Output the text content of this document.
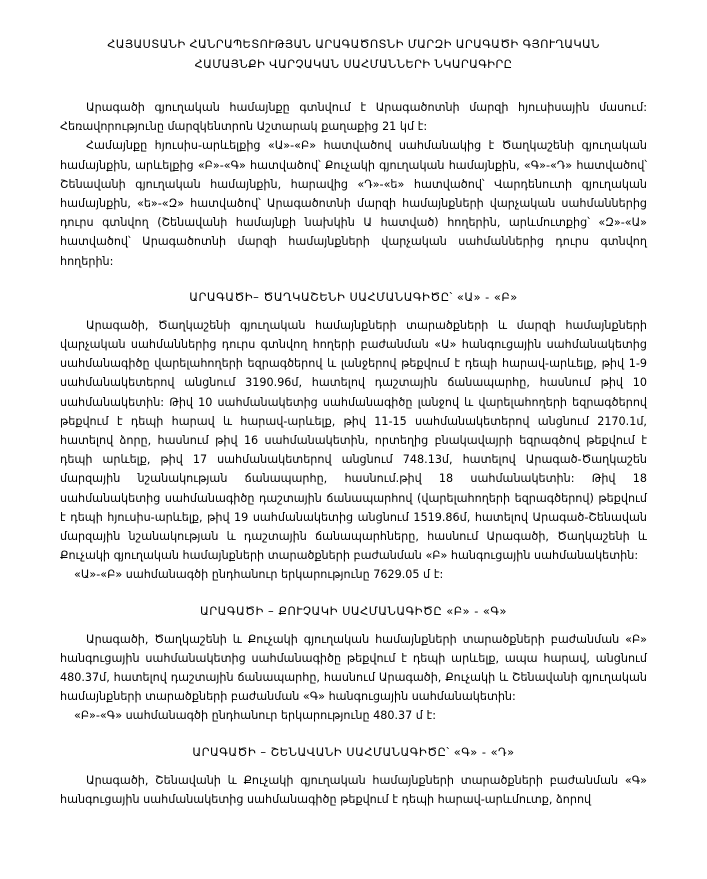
ՀԱՅԱՍՏԱՆԻ ՀԱՆՐԱՊԵՏՈՒԹՅԱՆ ԱՐԱԳԱԾՈՏՆԻ ՄԱՐԶԻ ԱՐԱԳԱԾԻ ԳՅՈՒՂԱԿԱՆ
ՀԱՄԱՅՆՔԻ ՎԱՐՉԱԿԱՆ ՍԱՀՄԱՆՆԵՐԻ ՆԿԱՐԱԳԻՐԸ

Արագածի գյուղական համայնքը գտնվում է Արագածոտնի մարզի հյուսիսային մասում: Հեռավորությունը մարզկենտրոն Աշտարակ քաղաքից 21 կմ է:

Համայնքը հյուսիս-արևելքից «Ա»-«Բ» հատվածով սահմանակից է Ծաղկաշենի գյուղական համայնքին, արևելքից «Բ»-«Գ» հատվածով՝ Քուչակի գյուղական համայնքին, «Գ»-«Դ» հատվածով՝ Շենավանի գյուղական համայնքին, հարավից «Դ»-«ե» հատվածով՝ Վարդենուտի գյուղական համայնքին, «ե»-«Զ» հատվածով՝ Արագածոտնի մարզի համայնքների վարչական սահմաններից դուրս գտնվող (Շենավանի համայնքի նախկին Ա հատված) հողերին, արևմուտքից՝ «Զ»-«Ա» հատվածով՝ Արագածոտնի մարզի համայնքների վարչական սահմաններից դուրս գտնվող հողերին:

ԱՐԱԳԱԾԻ– ԾԱՂԿԱՇԵՆԻ ՍԱՀՄԱՆԱԳԻԾԸ՝ «Ա» - «Բ»

Արագածի, Ծաղկաշենի գյուղական համայնքների տարածքների և մարզի համայնքների վարչական սահմաններից դուրս գտնվող հողերի բաժանման «Ա» հանգուցային սահմանակետից սահմանագիծը վարելահողերի եզրագծերով և լանջերով թեքվում է դեպի հարավ-արևելք, թիվ 1-9 սահմանակետերով անցնում 3190.96մ, հատելով դաշտային ճանապարհը, հասնում թիվ 10 սահմանակետին: Թիվ 10 սահմանակետից սահմանագիծը լանջով և վարելահողերի եզրագծերով թեքվում է դեպի հարավ և հարավ-արևելք, թիվ 11-15 սահմանակետերով անցնում 2170.1մ, հատելով ձորը, հասնում թիվ 16 սահմանակետին, որտեղից բնակավայրի եզրագծով թեքվում է դեպի արևելք, թիվ 17 սահմանակետերով անցնում 748.13մ, հատելով Արագած-Ծաղկաշեն մարզային նշանակության ճանապարհը, հասնում.թիվ 18 սահմանակետին: Թիվ 18 սահմանակետից սահմանագիծը դաշտային ճանապարհով (վարելահողերի եզրագծերով) թեքվում է դեպի հյուսիս-արևելք, թիվ 19 սահմանակետից անցնում 1519.86մ, հատելով Արագած-Շենավան մարզային նշանակության և դաշտային ճանապարհները, հասնում Արագածի, Ծաղկաշենի և Քուչակի գյուղական համայնքների տարածքների բաժանման «Բ» հանգուցային սահմանակետին:

«Ա»-«Բ» սահմանագծի ընդհանուր երկարությունը 7629.05 մ է:

ԱՐԱԳԱԾԻ – ՔՈՒՉԱԿԻ ՍԱՀՄԱՆԱԳԻԾԸ «Բ» - «Գ»

Արագածի, Ծաղկաշենի և Քուչակի գյուղական համայնքների տարածքների բաժանման «Բ» հանգուցային սահմանակետից սահմանագիծը թեքվում է դեպի արևելք, ապա հարավ, անցնում 480.37մ, հատելով դաշտային ճանապարհը, հասնում Արագածի, Քուչակի և Շենավանի գյուղական համայնքների տարածքների բաժանման «Գ» հանգուցային սահմանակետին:

«Բ»-«Գ» սահմանագծի ընդհանուր երկարությունը 480.37 մ է:

ԱՐԱԳԱԾԻ – ՇԵՆԱՎԱՆԻ ՍԱՀՄԱՆԱԳԻԾԸ՝ «Գ» - «Դ»

Արագածի, Շենավանի և Քուչակի գյուղական համայնքների տարածքների բաժանման «Գ» հանգուցային սահմանակետից սահմանագիծը թեքվում է դեպի հարավ-արևմուտք, ձորով
